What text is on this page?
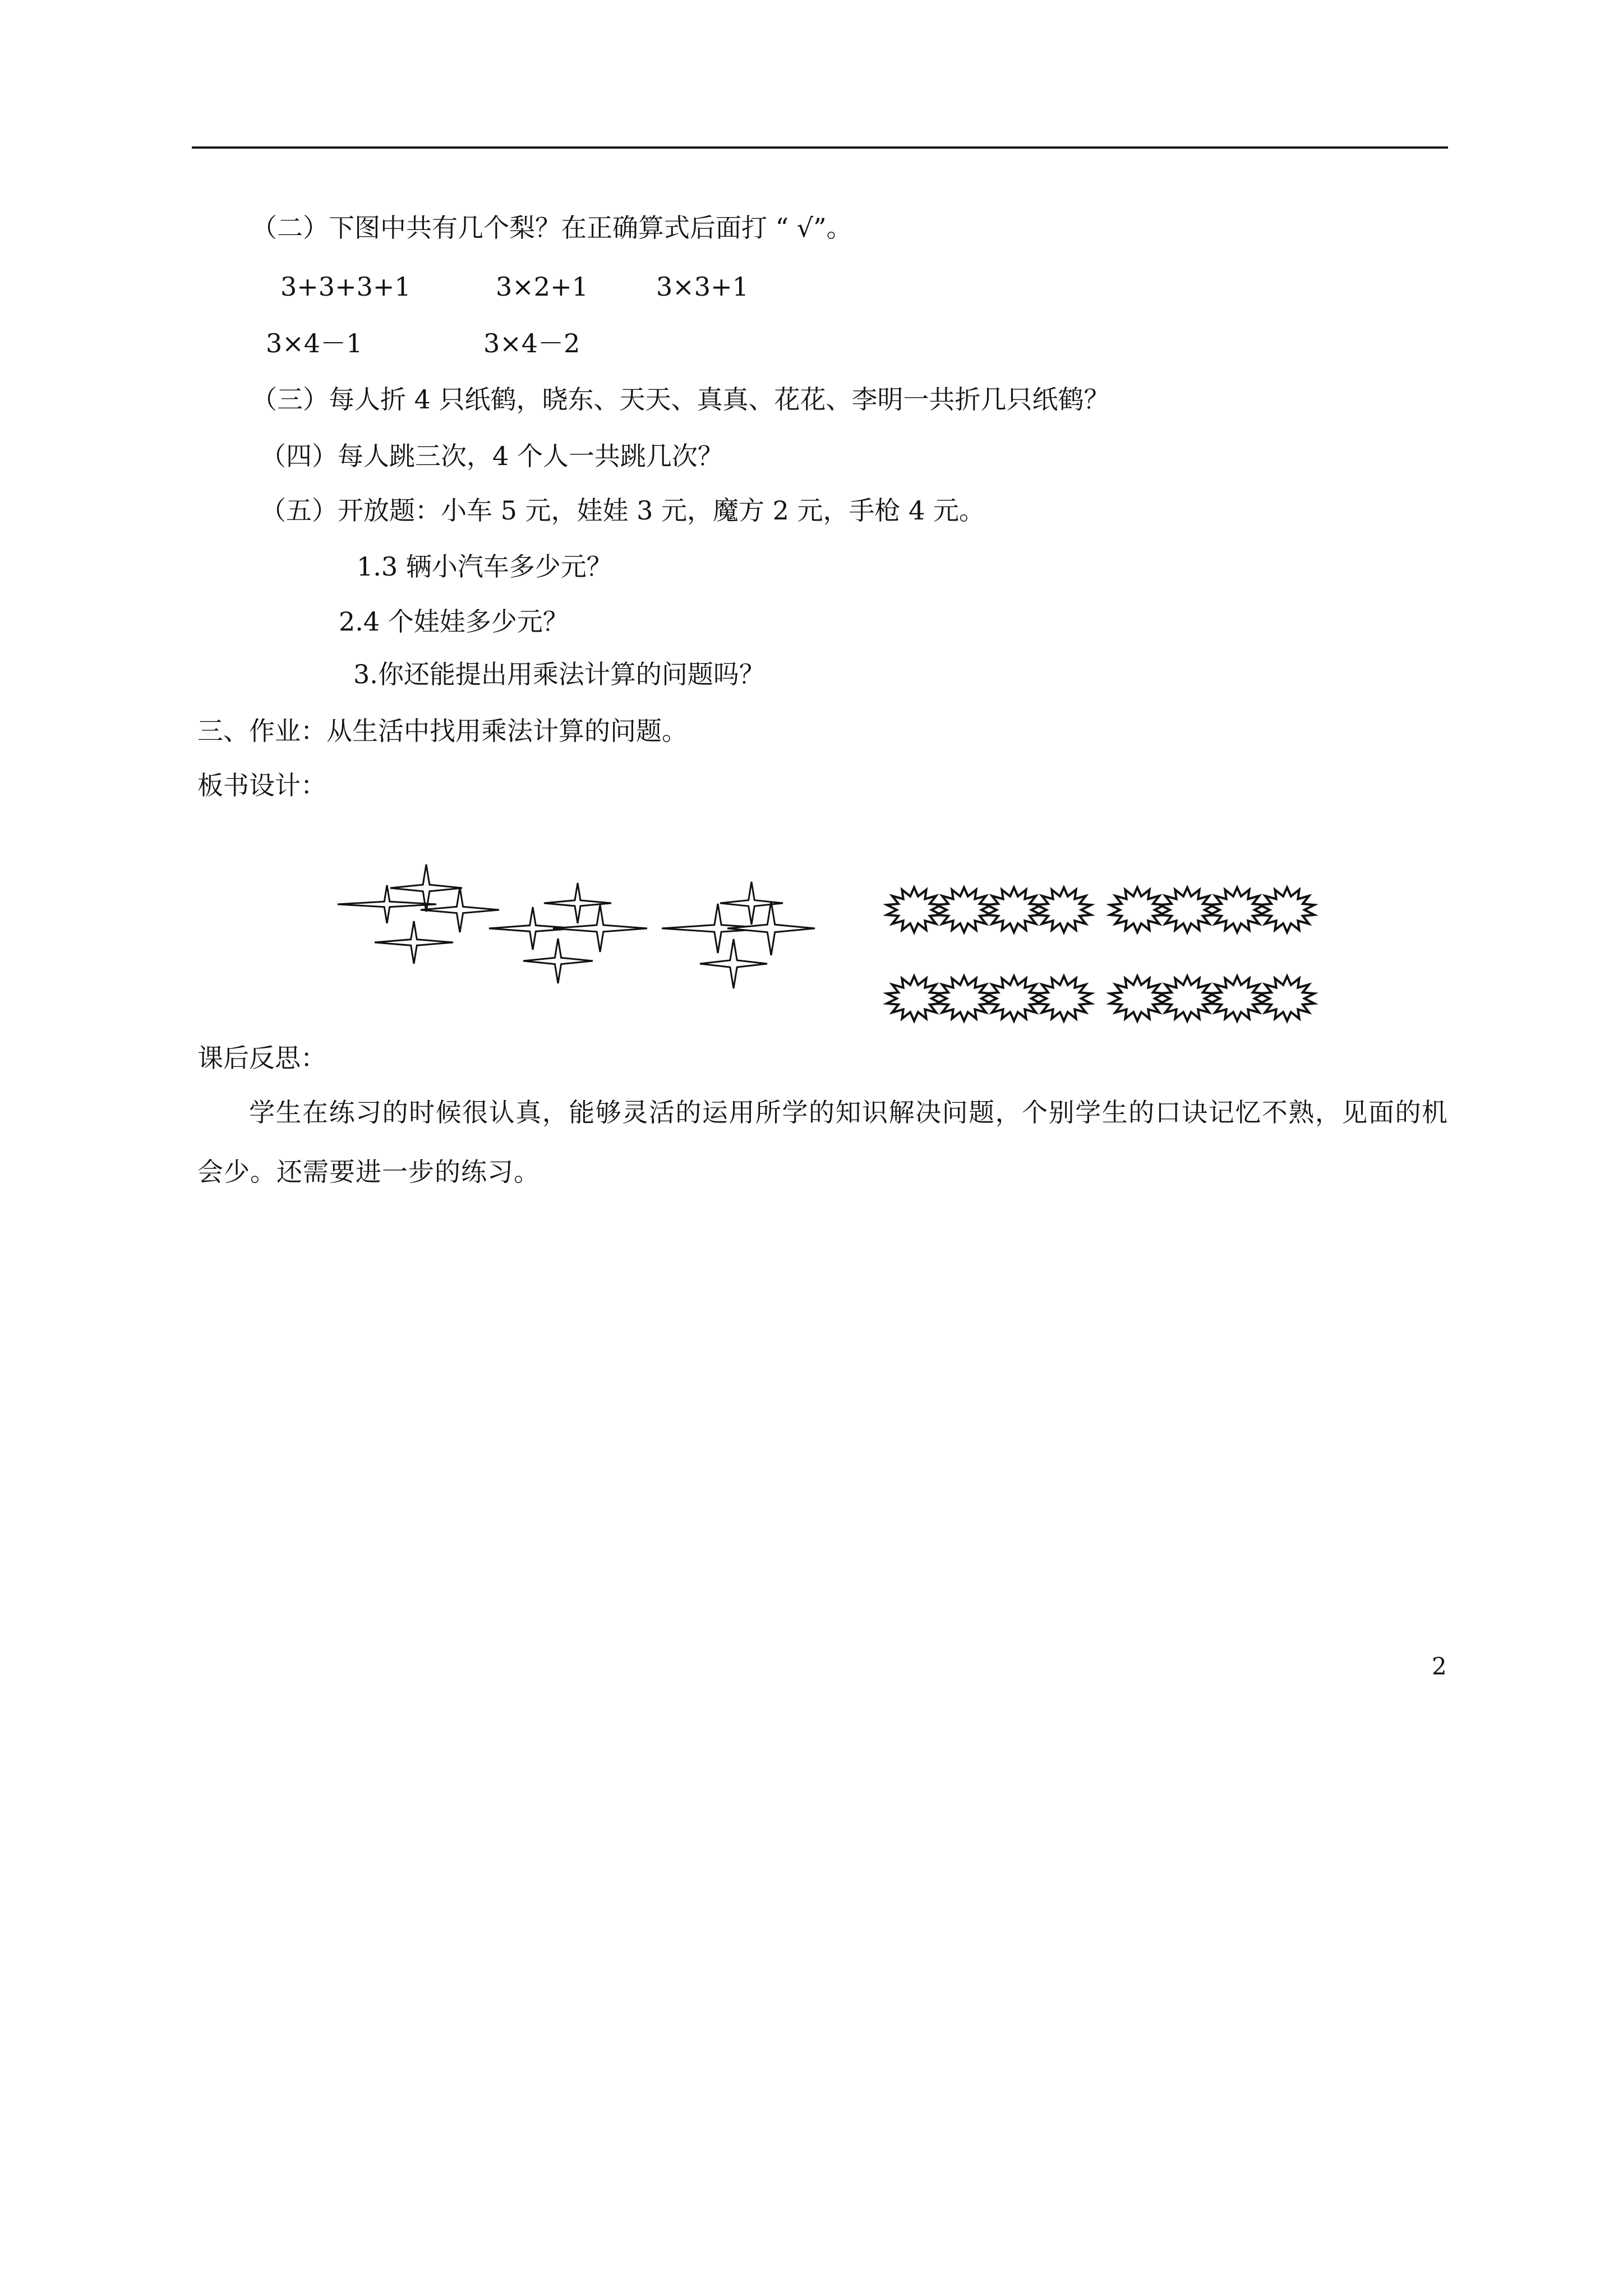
（二）下图中共有几个梨？在正确算式后面打 “ √”。
3+3+3+1	3×2+1	3×3+1
3×4－1	3×4－2
（三）每人折 4 只纸鹤，晓东、天天、真真、花花、李明一共折几只纸鹤？
（四）每人跳三次，4 个人一共跳几次？
（五）开放题：小车 5 元，娃娃 3 元，魔方 2 元，手枪 4 元。
1.3 辆小汽车多少元？
2.4 个娃娃多少元？
3.你还能提出用乘法计算的问题吗？
三、作业：从生活中找用乘法计算的问题。
板书设计：
课后反思：
学生在练习的时候很认真，能够灵活的运用所学的知识解决问题，个别学生的口诀记忆不熟，见面的机会少。还需要进一步的练习。
2
